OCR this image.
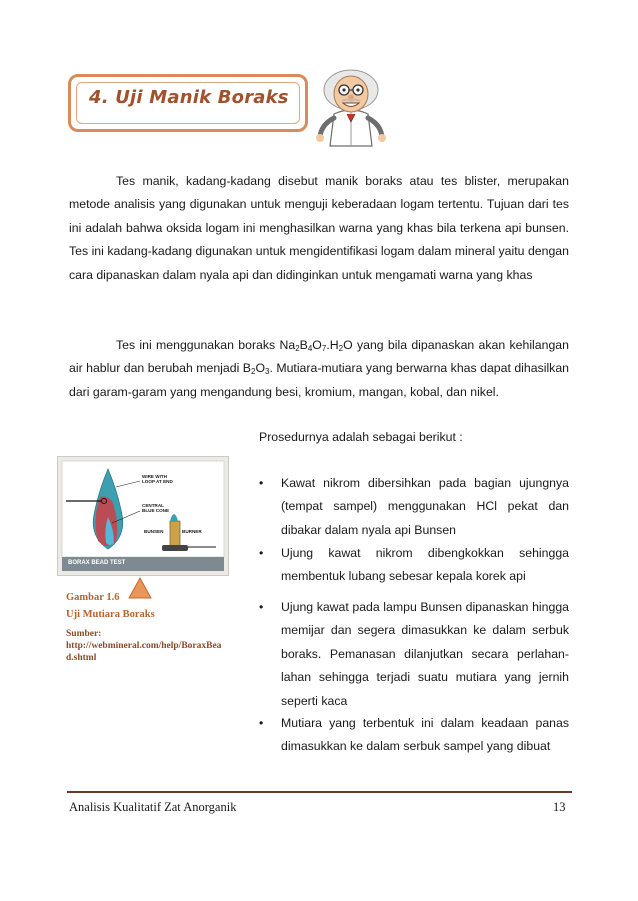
4. Uji Manik Boraks

Tes manik, kadang-kadang disebut manik boraks atau tes blister, merupakan metode analisis yang digunakan untuk menguji keberadaan logam tertentu. Tujuan dari tes ini adalah bahwa oksida logam ini menghasilkan warna yang khas bila terkena api bunsen. Tes ini kadang-kadang digunakan untuk mengidentifikasi logam dalam mineral yaitu dengan cara dipanaskan dalam nyala api dan didinginkan untuk mengamati warna yang khas

Tes ini menggunakan boraks $Na_2B_4O_7.H_2O$ yang bila dipanaskan akan kehilangan air hablur dan berubah menjadi $B_2O_3$. Mutiara-mutiara yang berwarna khas dapat dihasilkan dari garam-garam yang mengandung besi, kromium, mangan, kobal, dan nikel.

WIRE WITH LOOP AT END
CENTRAL BLUE CONE
BUNSEN	BURNER
BORAX BEAD TEST
Gambar 1.6
Uji Mutiara Boraks
Sumber:
http://webmineral.com/help/BoraxBead.shtml
Prosedurnya adalah sebagai berikut :
• Kawat nikrom dibersihkan pada bagian ujungnya (tempat sampel) menggunakan HCl pekat dan dibakar dalam nyala api Bunsen
• Ujung kawat nikrom dibengkokkan sehingga membentuk lubang sebesar kepala korek api
• Ujung kawat pada lampu Bunsen dipanaskan hingga memijar dan segera dimasukkan ke dalam serbuk boraks. Pemanasan dilanjutkan secara perlahan-lahan sehingga terjadi suatu mutiara yang jernih seperti kaca
• Mutiara yang terbentuk ini dalam keadaan panas dimasukkan ke dalam serbuk sampel yang dibuat
Analisis Kualitatif Zat Anorganik	13
